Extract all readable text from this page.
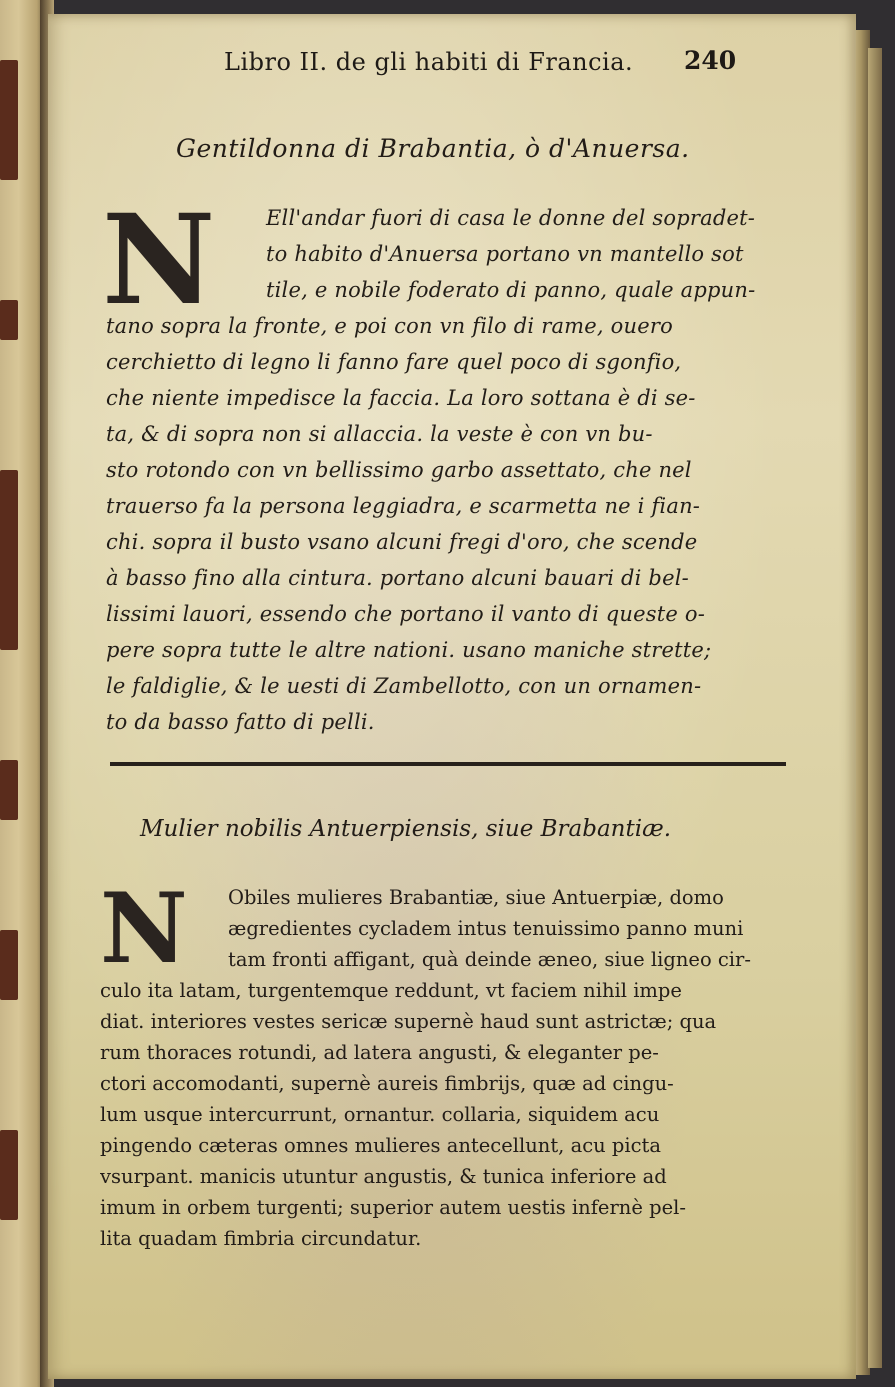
Libro II. de gli habiti di Francia. 240
Gentildonna di Brabantia, ò d'Anuersa.
N	Ell'andar fuori di casa le donne del sopradet-
to habito d'Anuersa portano vn mantello sot
tile, e nobile foderato di panno, quale appun-
tano sopra la fronte, e poi con vn filo di rame, ouero
cerchietto di legno li fanno fare quel poco di sgonfio,
che niente impedisce la faccia. La loro sottana è di se-
ta, & di sopra non si allaccia. la veste è con vn bu-
sto rotondo con vn bellissimo garbo assettato, che nel
trauerso fa la persona leggiadra, e scarmetta ne i fian-
chi. sopra il busto vsano alcuni fregi d'oro, che scende
à basso fino alla cintura. portano alcuni bauari di bel-
lissimi lauori, essendo che portano il vanto di queste o-
pere sopra tutte le altre nationi. usano maniche strette;
le faldiglie, & le uesti di Zambellotto, con un ornamen-
to da basso fatto di pelli.
Mulier nobilis Antuerpiensis, siue Brabantiæ.
N	Obiles mulieres Brabantiæ, siue Antuerpiæ, domo
ægredientes cycladem intus tenuissimo panno muni
tam fronti affigant, quà deinde æneo, siue ligneo cir-
culo ita latam, turgentemque reddunt, vt faciem nihil impe
diat. interiores vestes sericæ supernè haud sunt astrictæ; qua
rum thoraces rotundi, ad latera angusti, & eleganter pe-
ctori accomodanti, supernè aureis fimbrijs, quæ ad cingu-
lum usque intercurrunt, ornantur. collaria, siquidem acu
pingendo cæteras omnes mulieres antecellunt, acu picta
vsurpant. manicis utuntur angustis, & tunica inferiore ad
imum in orbem turgenti; superior autem uestis infernè pel-
lita quadam fimbria circundatur.
